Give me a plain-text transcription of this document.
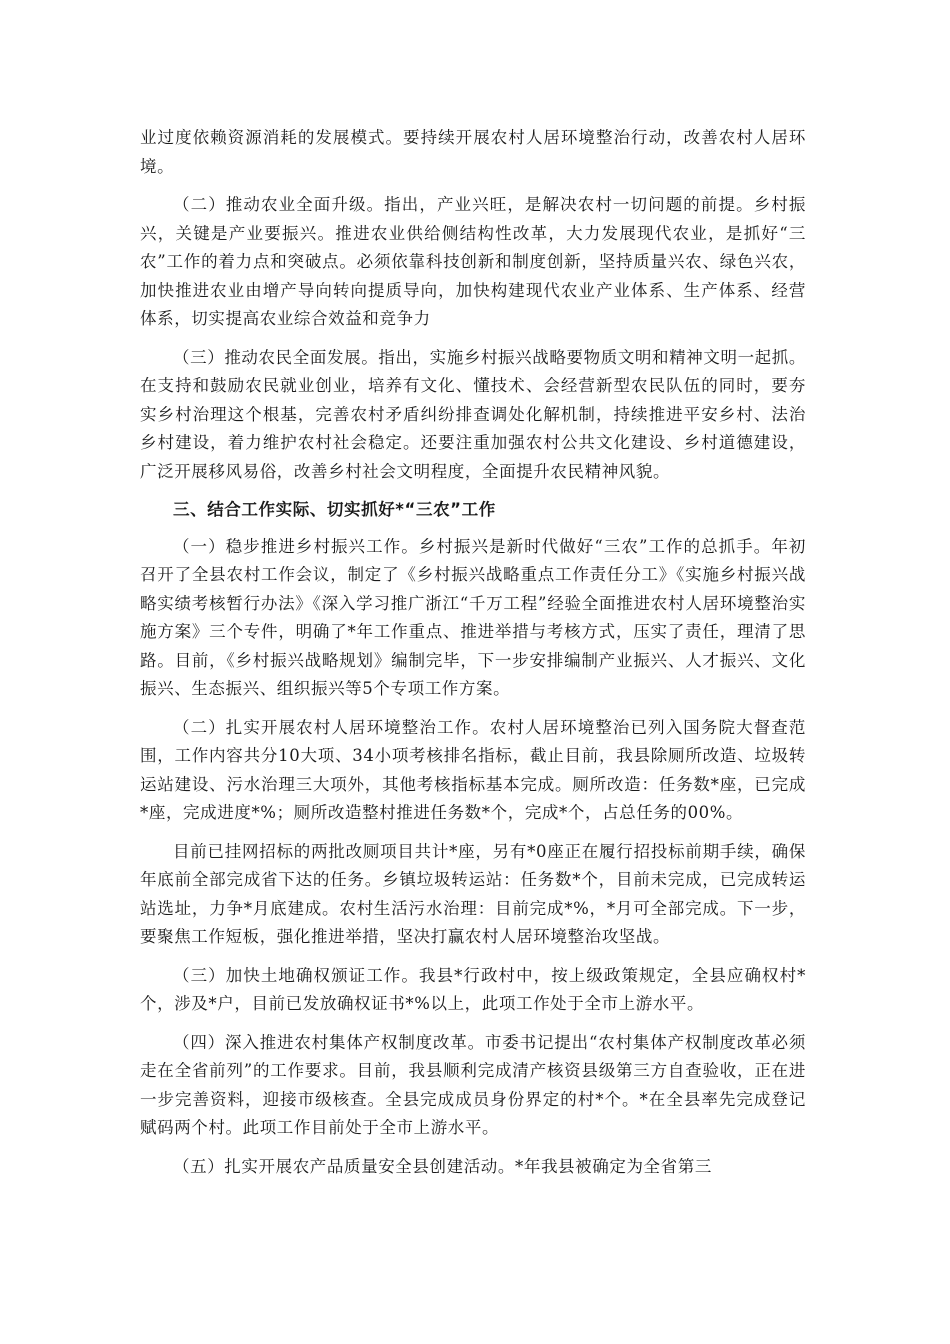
业过度依赖资源消耗的发展模式。要持续开展农村人居环境整治行动，改善农村人居环境。

（二）推动农业全面升级。指出，产业兴旺，是解决农村一切问题的前提。乡村振兴，关键是产业要振兴。推进农业供给侧结构性改革，大力发展现代农业，是抓好“三农”工作的着力点和突破点。必须依靠科技创新和制度创新，坚持质量兴农、绿色兴农，加快推进农业由增产导向转向提质导向，加快构建现代农业产业体系、生产体系、经营体系，切实提高农业综合效益和竞争力

（三）推动农民全面发展。指出，实施乡村振兴战略要物质文明和精神文明一起抓。在支持和鼓励农民就业创业，培养有文化、懂技术、会经营新型农民队伍的同时，要夯实乡村治理这个根基，完善农村矛盾纠纷排查调处化解机制，持续推进平安乡村、法治乡村建设，着力维护农村社会稳定。还要注重加强农村公共文化建设、乡村道德建设，广泛开展移风易俗，改善乡村社会文明程度，全面提升农民精神风貌。

三、结合工作实际、切实抓好*“三农”工作

（一）稳步推进乡村振兴工作。乡村振兴是新时代做好“三农”工作的总抓手。年初召开了全县农村工作会议，制定了《乡村振兴战略重点工作责任分工》《实施乡村振兴战略实绩考核暂行办法》《深入学习推广浙江“千万工程”经验全面推进农村人居环境整治实施方案》三个专件，明确了*年工作重点、推进举措与考核方式，压实了责任，理清了思路。目前，《乡村振兴战略规划》编制完毕，下一步安排编制产业振兴、人才振兴、文化振兴、生态振兴、组织振兴等5个专项工作方案。

（二）扎实开展农村人居环境整治工作。农村人居环境整治已列入国务院大督查范围，工作内容共分10大项、34小项考核排名指标，截止目前，我县除厕所改造、垃圾转运站建设、污水治理三大项外，其他考核指标基本完成。厕所改造：任务数*座，已完成*座，完成进度*%；厕所改造整村推进任务数*个，完成*个，占总任务的00%。

目前已挂网招标的两批改厕项目共计*座，另有*0座正在履行招投标前期手续，确保年底前全部完成省下达的任务。乡镇垃圾转运站：任务数*个，目前未完成，已完成转运站选址，力争*月底建成。农村生活污水治理：目前完成*%，*月可全部完成。下一步，要聚焦工作短板，强化推进举措，坚决打赢农村人居环境整治攻坚战。

（三）加快土地确权颁证工作。我县*行政村中，按上级政策规定，全县应确权村*个，涉及*户，目前已发放确权证书*%以上，此项工作处于全市上游水平。

（四）深入推进农村集体产权制度改革。市委书记提出“农村集体产权制度改革必须走在全省前列”的工作要求。目前，我县顺利完成清产核资县级第三方自查验收，正在进一步完善资料，迎接市级核查。全县完成成员身份界定的村*个。*在全县率先完成登记赋码两个村。此项工作目前处于全市上游水平。

（五）扎实开展农产品质量安全县创建活动。*年我县被确定为全省第三
